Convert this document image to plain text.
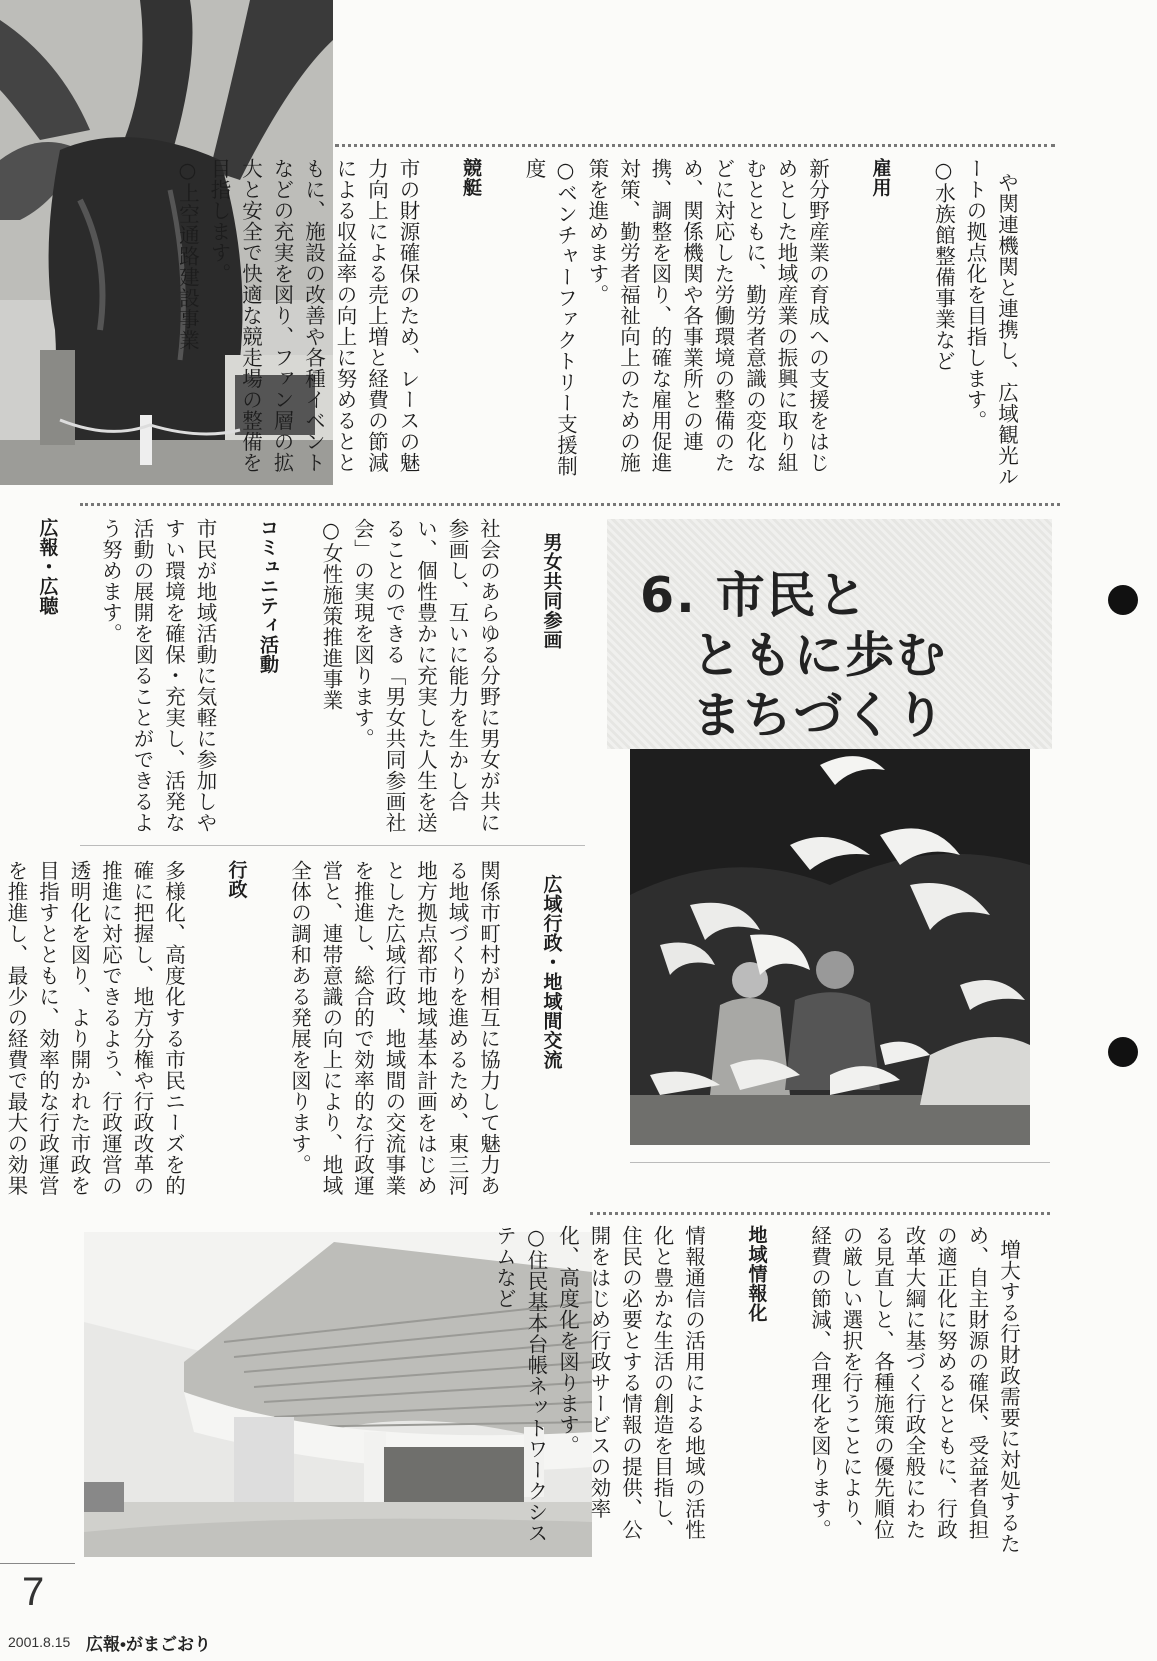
6. 市民と
ともに歩む
まちづくり

や関連機関と連携し、広域観光ルートの拠点化を目指します。
○水族館整備事業など

雇用

新分野産業の育成への支援をはじめとした地域産業の振興に取り組むとともに、勤労者意識の変化などに対応した労働環境の整備のため、関係機関や各事業所との連携、調整を図り、的確な雇用促進対策、勤労者福祉向上のための施策を進めます。
○ベンチャーファクトリー支援制度

競艇

市の財源確保のため、レースの魅力向上による売上増と経費の節減による収益率の向上に努めるとともに、施設の改善や各種イベントなどの充実を図り、ファン層の拡大と安全で快適な競走場の整備を目指します。
○上空通路建設事業

男女共同参画

社会のあらゆる分野に男女が共に参画し、互いに能力を生かし合い、個性豊かに充実した人生を送ることのできる「男女共同参画社会」の実現を図ります。
○女性施策推進事業

コミュニティ活動

市民が地域活動に気軽に参加しやすい環境を確保・充実し、活発な活動の展開を図ることができるよう努めます。

広報・広聴

広域行政・地域間交流

関係市町村が相互に協力して魅力ある地域づくりを進めるため、東三河地方拠点都市地域基本計画をはじめとした広域行政、地域間の交流事業を推進し、総合的で効率的な行政運営と、連帯意識の向上により、地域全体の調和ある発展を図ります。

行政

多様化、高度化する市民ニーズを的確に把握し、地方分権や行政改革の推進に対応できるよう、行政運営の透明化を図り、より開かれた市政を目指すとともに、効率的な行政運営を推進し、最少の経費で最大の効果

増大する行財政需要に対処するため、自主財源の確保、受益者負担の適正化に努めるとともに、行政改革大綱に基づく行政全般にわたる見直しと、各種施策の優先順位の厳しい選択を行うことにより、経費の節減、合理化を図ります。

地域情報化

情報通信の活用による地域の活性化と豊かな生活の創造を目指し、住民の必要とする情報の提供、公開をはじめ行政サービスの効率化、高度化を図ります。
○住民基本台帳ネットワークシステムなど

7
2001.8.15 広報•がまごおり
